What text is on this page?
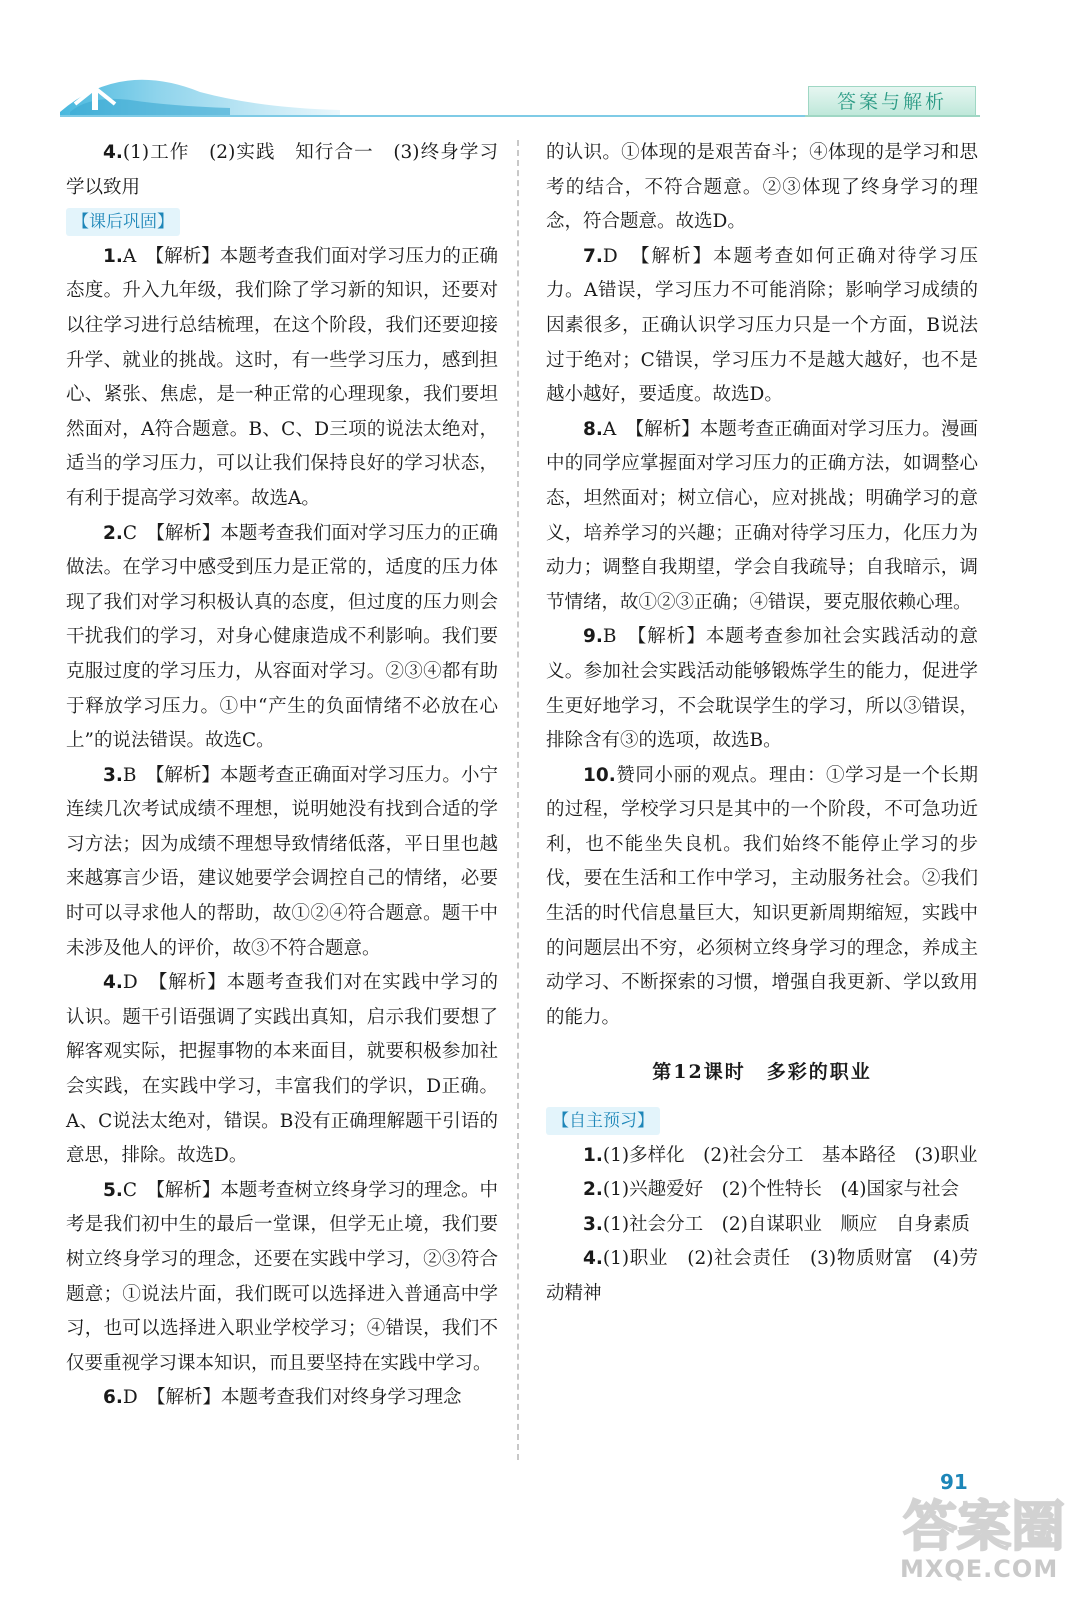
答案与解析

4.(1)工作　(2)实践　知行合一　(3)终身学习　学以致用

【课后巩固】

1.A　【解析】本题考查我们面对学习压力的正确态度。升入九年级，我们除了学习新的知识，还要对以往学习进行总结梳理，在这个阶段，我们还要迎接升学、就业的挑战。这时，有一些学习压力，感到担心、紧张、焦虑，是一种正常的心理现象，我们要坦然面对，A符合题意。B、C、D三项的说法太绝对，适当的学习压力，可以让我们保持良好的学习状态，有利于提高学习效率。故选A。

2.C　【解析】本题考查我们面对学习压力的正确做法。在学习中感受到压力是正常的，适度的压力体现了我们对学习积极认真的态度，但过度的压力则会干扰我们的学习，对身心健康造成不利影响。我们要克服过度的学习压力，从容面对学习。②③④都有助于释放学习压力。①中“产生的负面情绪不必放在心上”的说法错误。故选C。

3.B　【解析】本题考查正确面对学习压力。小宁连续几次考试成绩不理想，说明她没有找到合适的学习方法；因为成绩不理想导致情绪低落，平日里也越来越寡言少语，建议她要学会调控自己的情绪，必要时可以寻求他人的帮助，故①②④符合题意。题干中未涉及他人的评价，故③不符合题意。

4.D　【解析】本题考查我们对在实践中学习的认识。题干引语强调了实践出真知，启示我们要想了解客观实际，把握事物的本来面目，就要积极参加社会实践，在实践中学习，丰富我们的学识，D正确。A、C说法太绝对，错误。B没有正确理解题干引语的意思，排除。故选D。

5.C　【解析】本题考查树立终身学习的理念。中考是我们初中生的最后一堂课，但学无止境，我们要树立终身学习的理念，还要在实践中学习，②③符合题意；①说法片面，我们既可以选择进入普通高中学习，也可以选择进入职业学校学习；④错误，我们不仅要重视学习课本知识，而且要坚持在实践中学习。

6.D　【解析】本题考查我们对终身学习理念

的认识。①体现的是艰苦奋斗；④体现的是学习和思考的结合，不符合题意。②③体现了终身学习的理念，符合题意。故选D。

7.D　【解析】本题考查如何正确对待学习压力。A错误，学习压力不可能消除；影响学习成绩的因素很多，正确认识学习压力只是一个方面，B说法过于绝对；C错误，学习压力不是越大越好，也不是越小越好，要适度。故选D。

8.A　【解析】本题考查正确面对学习压力。漫画中的同学应掌握面对学习压力的正确方法，如调整心态，坦然面对；树立信心，应对挑战；明确学习的意义，培养学习的兴趣；正确对待学习压力，化压力为动力；调整自我期望，学会自我疏导；自我暗示，调节情绪，故①②③正确；④错误，要克服依赖心理。

9.B　【解析】本题考查参加社会实践活动的意义。参加社会实践活动能够锻炼学生的能力，促进学生更好地学习，不会耽误学生的学习，所以③错误，排除含有③的选项，故选B。

10.赞同小丽的观点。理由：①学习是一个长期的过程，学校学习只是其中的一个阶段，不可急功近利，也不能坐失良机。我们始终不能停止学习的步伐，要在生活和工作中学习，主动服务社会。②我们生活的时代信息量巨大，知识更新周期缩短，实践中的问题层出不穷，必须树立终身学习的理念，养成主动学习、不断探索的习惯，增强自我更新、学以致用的能力。

第12课时　多彩的职业
【自主预习】

1.(1)多样化　(2)社会分工　基本路径　(3)职业

2.(1)兴趣爱好　(2)个性特长　(4)国家与社会

3.(1)社会分工　(2)自谋职业　顺应　自身素质

4.(1)职业　(2)社会责任　(3)物质财富　(4)劳动精神

91
答案圈
MXQE.COM
